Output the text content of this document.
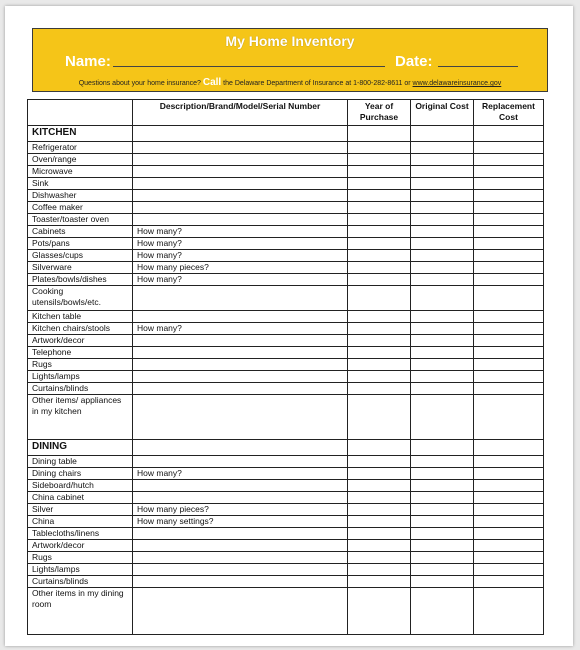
My Home Inventory
Name:	Date:
Questions about your home insurance? Call the Delaware Department of Insurance at 1-800-282-8611 or www.delawareinsurance.gov
	Description/Brand/Model/Serial Number	Year of Purchase	Original Cost	Replacement Cost
KITCHEN				
Refrigerator				
Oven/range				
Microwave				
Sink				
Dishwasher				
Coffee maker				
Toaster/toaster oven				
Cabinets	How many?			
Pots/pans	How many?			
Glasses/cups	How many?			
Silverware	How many pieces?			
Plates/bowls/dishes	How many?			
Cooking utensils/bowls/etc.				
Kitchen table				
Kitchen chairs/stools	How many?			
Artwork/decor				
Telephone				
Rugs				
Lights/lamps				
Curtains/blinds				
Other items/ appliances in my kitchen				
DINING				
Dining table				
Dining chairs	How many?			
Sideboard/hutch				
China cabinet				
Silver	How many pieces?			
China	How many settings?			
Tablecloths/linens				
Artwork/decor				
Rugs				
Lights/lamps				
Curtains/blinds				
Other items in my dining room				
